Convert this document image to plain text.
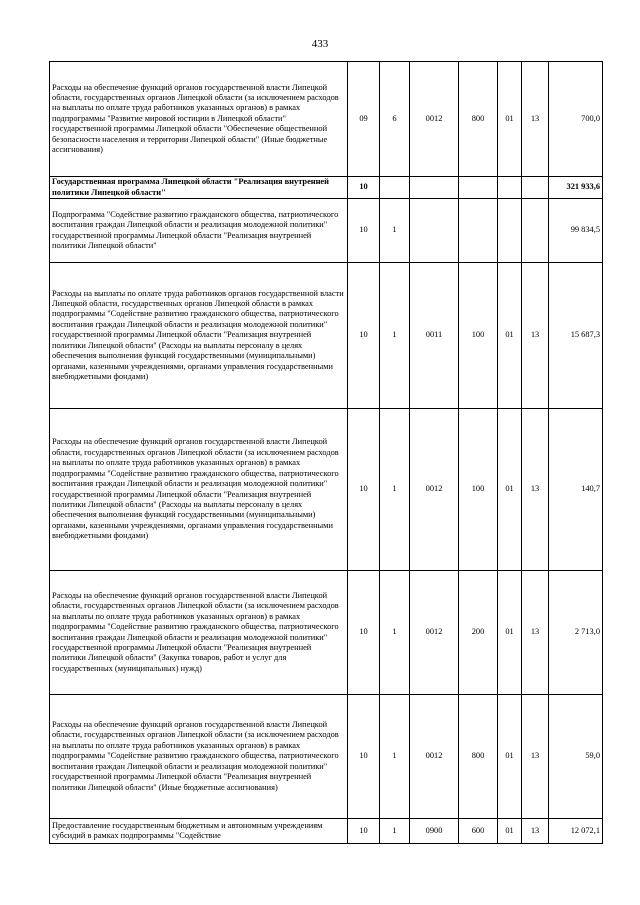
433
Расходы на обеспечение функций органов государственной власти Липецкой области, государственных органов Липецкой области (за исключением расходов на выплаты по оплате труда работников указанных органов) в рамках подпрограммы "Развитие мировой юстиции в Липецкой области" государственной программы Липецкой области "Обеспечение общественной безопасности населения и территории Липецкой области" (Иные бюджетные ассигнования)	09	6	0012	800	01	13	700,0
Государственная программа Липецкой области "Реализация внутренней политики Липецкой области"	10						321 933,6
Подпрограмма "Содействие развитию гражданского общества, патриотического воспитания граждан Липецкой области и реализация молодежной политики" государственной программы Липецкой области "Реализация внутренней политики Липецкой области"	10	1					99 834,5
Расходы на выплаты по оплате труда работников органов государственной власти Липецкой области, государственных органов Липецкой области в рамках подпрограммы "Содействие развитию гражданского общества, патриотического воспитания граждан Липецкой области и реализация молодежной политики" государственной программы Липецкой области "Реализация внутренней политики Липецкой области" (Расходы на выплаты персоналу в целях обеспечения выполнения функций государственными (муниципальными) органами, казенными учреждениями, органами управления государственными внебюджетными фондами)	10	1	0011	100	01	13	15 687,3
Расходы на обеспечение функций органов государственной власти Липецкой области, государственных органов Липецкой области (за исключением расходов на выплаты по оплате труда работников указанных органов) в рамках подпрограммы "Содействие развитию гражданского общества, патриотического воспитания граждан Липецкой области и реализация молодежной политики" государственной программы Липецкой области "Реализация внутренней политики Липецкой области" (Расходы на выплаты персоналу в целях обеспечения выполнения функций государственными (муниципальными) органами, казенными учреждениями, органами управления государственными внебюджетными фондами)	10	1	0012	100	01	13	140,7
Расходы на обеспечение функций органов государственной власти Липецкой области, государственных органов Липецкой области (за исключением расходов на выплаты по оплате труда работников указанных органов) в рамках подпрограммы "Содействие развитию гражданского общества, патриотического воспитания граждан Липецкой области и реализация молодежной политики" государственной программы Липецкой области "Реализация внутренней политики Липецкой области" (Закупка товаров, работ и услуг для государственных (муниципальных) нужд)	10	1	0012	200	01	13	2 713,0
Расходы на обеспечение функций органов государственной власти Липецкой области, государственных органов Липецкой области (за исключением расходов на выплаты по оплате труда работников указанных органов) в рамках подпрограммы "Содействие развитию гражданского общества, патриотического воспитания граждан Липецкой области и реализация молодежной политики" государственной программы Липецкой области "Реализация внутренней политики Липецкой области" (Иные бюджетные ассигнования)	10	1	0012	800	01	13	59,0
Предоставление государственным бюджетным и автономным учреждениям субсидий в рамках подпрограммы "Содействие	10	1	0900	600	01	13	12 072,1
